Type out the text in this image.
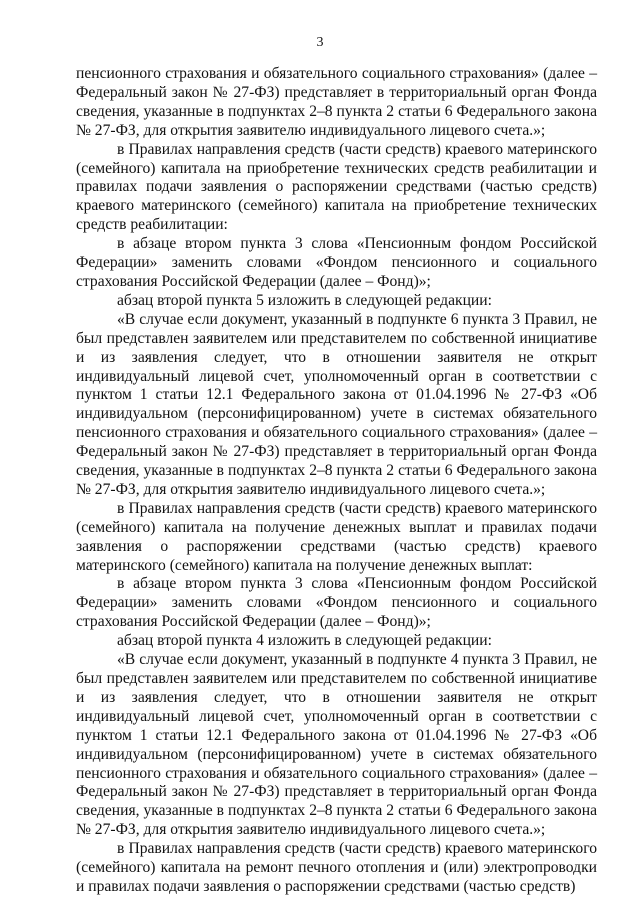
3

пенсионного страхования и обязательного социального страхования» (далее – Федеральный закон № 27-ФЗ) представляет в территориальный орган Фонда сведения, указанные в подпунктах 2–8 пункта 2 статьи 6 Федерального закона № 27-ФЗ, для открытия заявителю индивидуального лицевого счета.»;

в Правилах направления средств (части средств) краевого материнского (семейного) капитала на приобретение технических средств реабилитации и правилах подачи заявления о распоряжении средствами (частью средств) краевого материнского (семейного) капитала на приобретение технических средств реабилитации:

в абзаце втором пункта 3 слова «Пенсионным фондом Российской Федерации» заменить словами «Фондом пенсионного и социального страхования Российской Федерации (далее – Фонд)»;

абзац второй пункта 5 изложить в следующей редакции:

«В случае если документ, указанный в подпункте 6 пункта 3 Правил, не был представлен заявителем или представителем по собственной инициативе и из заявления следует, что в отношении заявителя не открыт индивидуальный лицевой счет, уполномоченный орган в соответствии с пунктом 1 статьи 12.1 Федерального закона от 01.04.1996 № 27-ФЗ «Об индивидуальном (персонифицированном) учете в системах обязательного пенсионного страхования и обязательного социального страхования» (далее – Федеральный закон № 27-ФЗ) представляет в территориальный орган Фонда сведения, указанные в подпунктах 2–8 пункта 2 статьи 6 Федерального закона № 27-ФЗ, для открытия заявителю индивидуального лицевого счета.»;

в Правилах направления средств (части средств) краевого материнского (семейного) капитала на получение денежных выплат и правилах подачи заявления о распоряжении средствами (частью средств) краевого материнского (семейного) капитала на получение денежных выплат:

в абзаце втором пункта 3 слова «Пенсионным фондом Российской Федерации» заменить словами «Фондом пенсионного и социального страхования Российской Федерации (далее – Фонд)»;

абзац второй пункта 4 изложить в следующей редакции:

«В случае если документ, указанный в подпункте 4 пункта 3 Правил, не был представлен заявителем или представителем по собственной инициативе и из заявления следует, что в отношении заявителя не открыт индивидуальный лицевой счет, уполномоченный орган в соответствии с пунктом 1 статьи 12.1 Федерального закона от 01.04.1996 № 27-ФЗ «Об индивидуальном (персонифицированном) учете в системах обязательного пенсионного страхования и обязательного социального страхования» (далее – Федеральный закон № 27-ФЗ) представляет в территориальный орган Фонда сведения, указанные в подпунктах 2–8 пункта 2 статьи 6 Федерального закона № 27-ФЗ, для открытия заявителю индивидуального лицевого счета.»;

в Правилах направления средств (части средств) краевого материнского (семейного) капитала на ремонт печного отопления и (или) электропроводки и правилах подачи заявления о распоряжении средствами (частью средств)
